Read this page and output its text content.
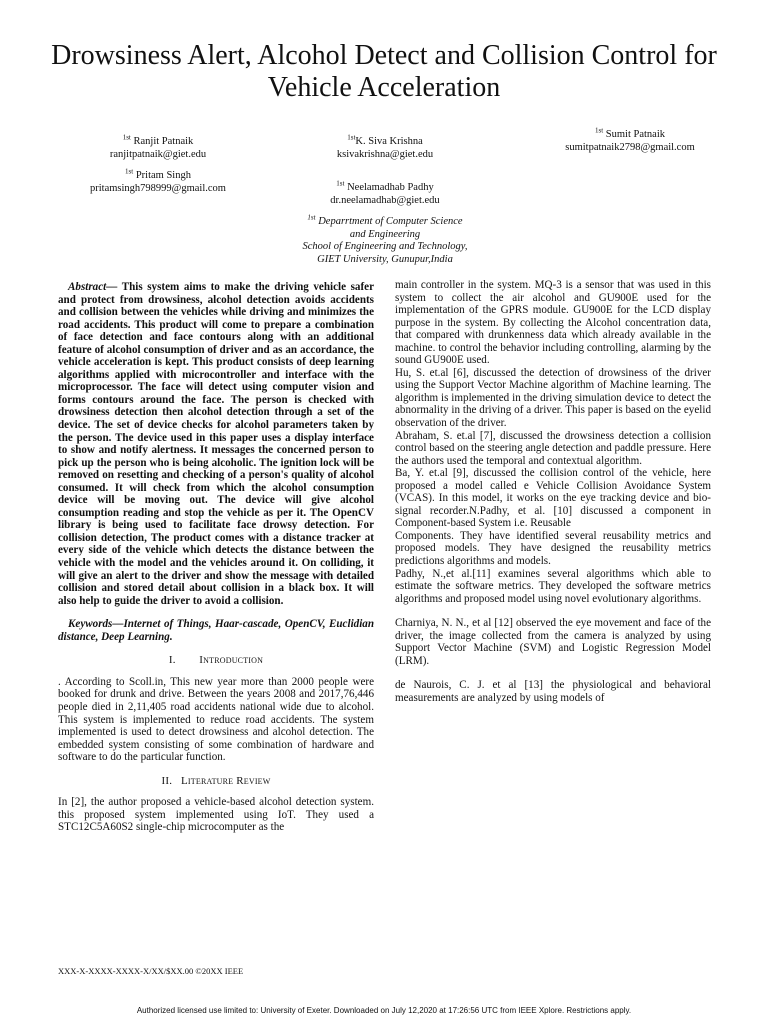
Drowsiness Alert, Alcohol Detect and Collision Control for Vehicle Acceleration
$^{1st}$ Ranjit Patnaik
ranjitpatnaik@giet.edu
$^{1st}$K. Siva Krishna
ksivakrishna@giet.edu
$^{1st}$ Sumit Patnaik
sumitpatnaik2798@gmail.com
$^{1st}$ Pritam Singh
pritamsingh798999@gmail.com	$^{1st}$ Neelamadhab Padhy
dr.neelamadhab@giet.edu
$^{1st}$ Deparrtment of Computer Science
and Engineering
School of Engineering and Technology,
GIET University, Gunupur,India

Abstract— This system aims to make the driving vehicle safer and protect from drowsiness, alcohol detection avoids accidents and collision between the vehicles while driving and minimizes the road accidents. This product will come to prepare a combination of face detection and face contours along with an additional feature of alcohol consumption of driver and as an accordance, the vehicle acceleration is kept. This product consists of deep learning algorithms applied with microcontroller and interface with the microprocessor. The face will detect using computer vision and forms contours around the face. The person is checked with drowsiness detection then alcohol detection through a set of the device. The set of device checks for alcohol parameters taken by the person. The device used in this paper uses a display interface to show and notify alertness. It messages the concerned person to pick up the person who is being alcoholic. The ignition lock will be removed on resetting and checking of a person's quality of alcohol consumed. It will check from which the alcohol consumption device will be moving out. The device will give alcohol consumption reading and stop the vehicle as per it. The OpenCV library is being used to facilitate face drowsy detection. For collision detection, The product comes with a distance tracker at every side of the vehicle which detects the distance between the vehicle with the model and the vehicles around it. On colliding, it will give an alert to the driver and show the message with detailed collision and stored detail about collision in a black box. It will also help to guide the driver to avoid a collision.

Keywords—Internet of Things, Haar-cascade, OpenCV, Euclidian distance, Deep Learning.

I.        Introduction

. According to Scoll.in, This new year more than 2000 people were booked for drunk and drive. Between the years 2008 and 2017,76,446 people died in 2,11,405 road accidents national wide due to alcohol. This system is implemented to reduce road accidents. The system implemented is used to detect drowsiness and alcohol detection. The embedded system consisting of some combination of hardware and software to do the particular function.

II.   Literature Review

In [2], the author proposed a vehicle-based alcohol detection system. this proposed system implemented using IoT. They used a STC12C5A60S2 single-chip microcomputer as the

main controller in the system. MQ-3 is a sensor that was used in this system to collect the air alcohol and GU900E used for the implementation of the GPRS module. GU900E for the LCD display purpose in the system. By collecting the Alcohol concentration data, that compared with drunkenness data which already available in the machine. to control the behavior including controlling, alarming by the sound GU900E used.

Hu, S. et.al [6], discussed the detection of drowsiness of the driver using the Support Vector Machine algorithm of Machine learning. The algorithm is implemented in the driving simulation device to detect the abnormality in the driving of a driver. This paper is based on the eyelid observation of the driver.

Abraham, S. et.al [7], discussed the drowsiness detection a collision control based on the steering angle detection and paddle pressure. Here the authors used the temporal and contextual algorithm.

Ba, Y. et.al [9], discussed the collision control of the vehicle, here proposed a model called e Vehicle Collision Avoidance System (VCAS). In this model, it works on the eye tracking device and bio-signal recorder.N.Padhy, et al. [10] discussed a component in Component-based System i.e. Reusable

Components. They have identified several reusability metrics and proposed models. They have designed the reusability metrics predictions algorithms and models.

Padhy, N.,et al.[11] examines several algorithms which able to estimate the software metrics. They developed the software metrics algorithms and proposed model using novel evolutionary algorithms.

Charniya, N. N., et al [12] observed the eye movement and face of the driver, the image collected from the camera is analyzed by using Support Vector Machine (SVM) and Logistic Regression Model (LRM).

de Naurois, C. J. et al [13] the physiological and behavioral measurements are analyzed by using models of

XXX-X-XXXX-XXXX-X/XX/$XX.00 ©20XX IEEE
Authorized licensed use limited to: University of Exeter. Downloaded on July 12,2020 at 17:26:56 UTC from IEEE Xplore. Restrictions apply.
